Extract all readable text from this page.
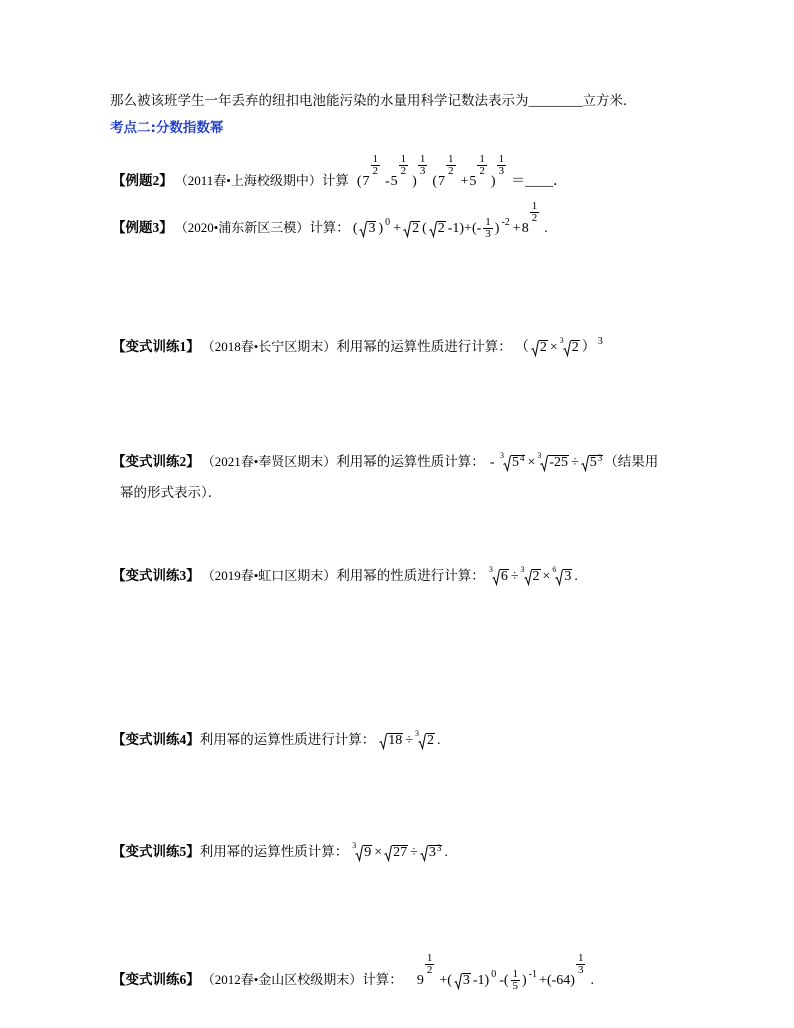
那么被该班学生一年丢弃的纽扣电池能污染的水量用科学记数法表示为 ________ 立方米．
考点二:分数指数幂
【例题2】 （2011春•上海校级期中） 计算 (7
$\frac{1}{2}$
-5
$\frac{1}{2}$
)
$\frac{1}{3}$
(7
$\frac{1}{2}$
+5
$\frac{1}{2}$
)
$\frac{1}{3}$
＝____．
【例题3】 （2020•浦东新区三模） 计算： ( 3 ) $^0$ + 2 ( 2 $-1)+(- \frac{1}{3}$ ) $^{-2}$ +8
$\frac{1}{2}$
.
【变式训练1】 （2018春•长宁区期末） 利用幂的运算性质进行计算： （ 2 × 3 2 ） $^3$
【变式训练2】 （2021春•奉贤区期末） 利用幂的运算性质计算： - 3 $5^4 \times 3$ $-25 \div 5^3$ （结果用
幂的形式表示）．
【变式训练3】 （2019春•虹口区期末） 利用幂的性质进行计算： 3 6 ÷ 3 2 × 6 3 .
【变式训练4】 利用幂的运算性质进行计算： 18 ÷ 3 2 .
【变式训练5】 利用幂的运算性质计算： 3 $9 \times 27 \div 3^3$ .
【变式训练6】 （2012春•金山区校级期末） 计算： 9
$\frac{1}{2}$
+( 3 -1) $^0$ -( $\frac{1}{5}$ ) $^{-1}$ +(-64)
$\frac{1}{3}$
.
